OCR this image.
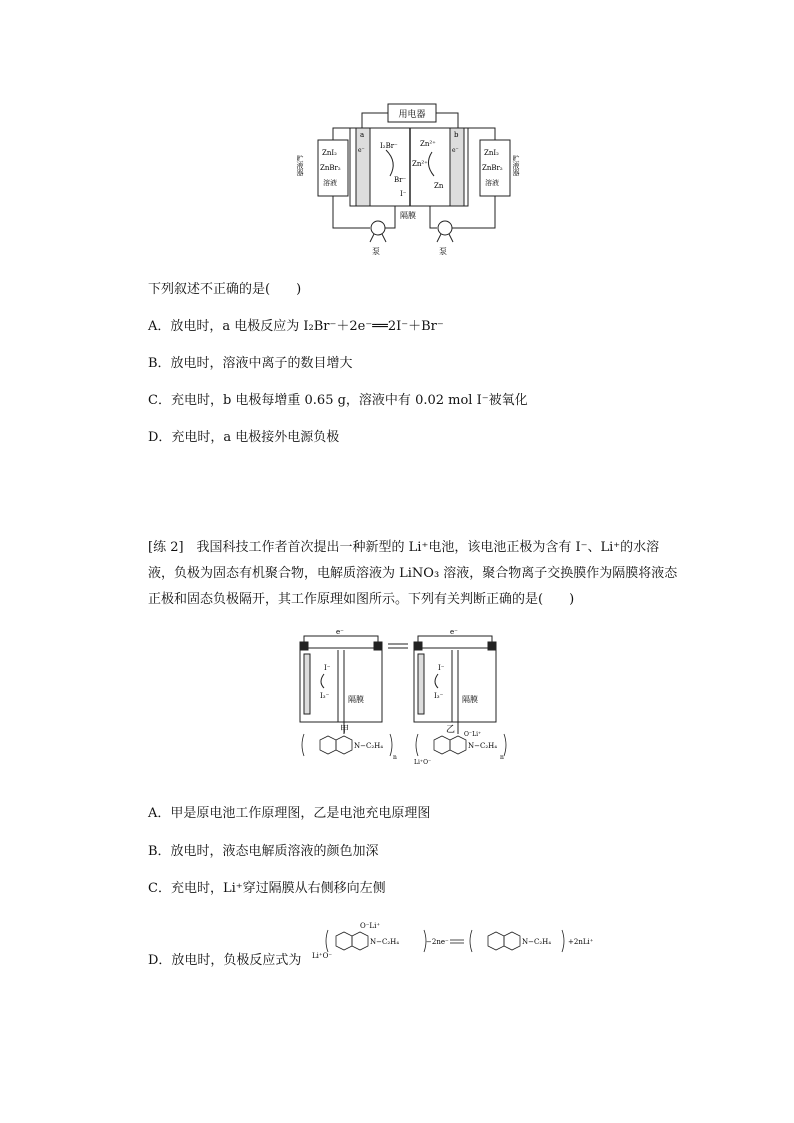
用电器
a	b
e⁻	e⁻
ZnI₂
ZnBr₂
溶液
ZnI₂
ZnBr₂
溶液
贮液器	贮液器
I₂Br⁻
Br⁻
I⁻
Zn²⁺
Zn²⁺
Zn
隔膜
泵	泵
下列叙述不正确的是(　　)
A．放电时，a 电极反应为 I₂Br⁻＋2e⁻══2I⁻＋Br⁻
B．放电时，溶液中离子的数目增大
C．充电时，b 电极每增重 0.65 g，溶液中有 0.02 mol I⁻被氧化
D．充电时，a 电极接外电源负极
[练 2]　我国科技工作者首次提出一种新型的 Li⁺电池，该电池正极为含有 I⁻、Li⁺的水溶液，负极为固态有机聚合物，电解质溶液为 LiNO₃ 溶液，聚合物离子交换膜作为隔膜将液态正极和固态负极隔开，其工作原理如图所示。下列有关判断正确的是(　　)
e⁻	e⁻
I⁻
I₃⁻
I⁻
I₃⁻
隔膜	隔膜
甲	乙
N−C₂H₄
n
N−C₂H₄
n
O⁻Li⁺
Li⁺O⁻
A．甲是原电池工作原理图，乙是电池充电原理图
B．放电时，液态电解质溶液的颜色加深
C．充电时，Li⁺穿过隔膜从右侧移向左侧
D．放电时，负极反应式为
O⁻Li⁺
Li⁺O⁻
N−C₂H₄	−2ne⁻	N−C₂H₄ +2nLi⁺
